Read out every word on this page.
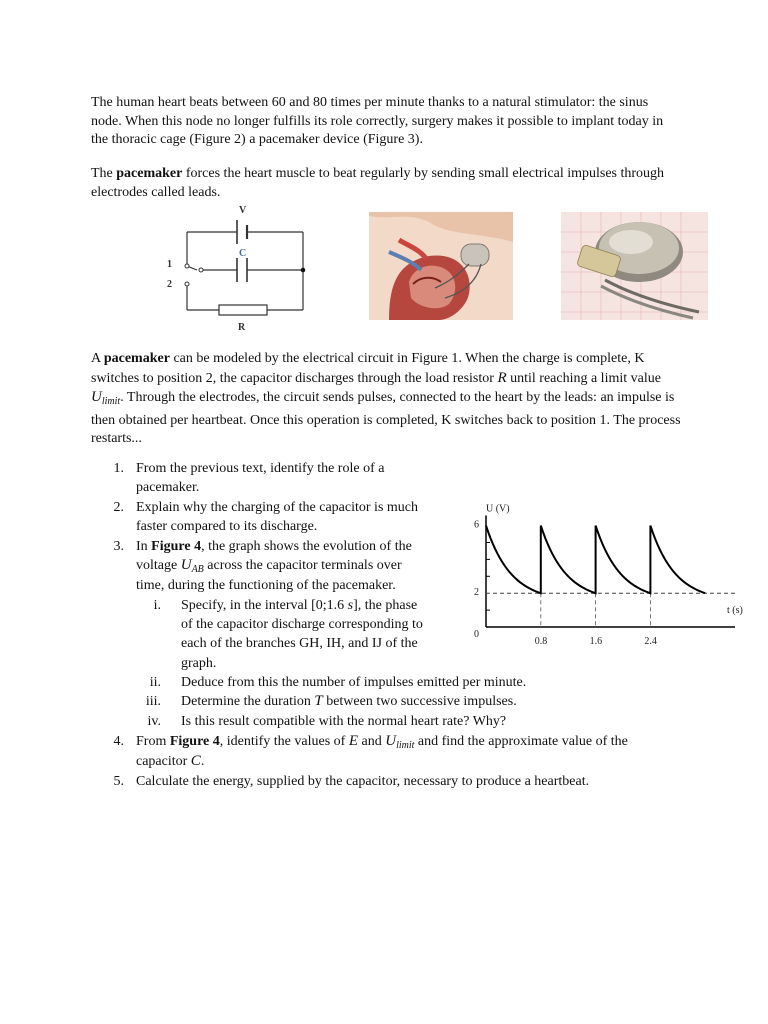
The human heart beats between 60 and 80 times per minute thanks to a natural stimulator: the sinus node. When this node no longer fulfills its role correctly, surgery makes it possible to implant today in the thoracic cage (Figure 2) a pacemaker device (Figure 3).

The pacemaker forces the heart muscle to beat regularly by sending small electrical impulses through electrodes called leads.

V
C
1
2
R

A pacemaker can be modeled by the electrical circuit in Figure 1. When the charge is complete, K switches to position 2, the capacitor discharges through the load resistor R until reaching a limit value $U_{limit}$. Through the electrodes, the circuit sends pulses, connected to the heart by the leads: an impulse is then obtained per heartbeat. Once this operation is completed, K switches back to position 1. The process restarts...

U (V)
t (s)
0
2
6
0.8	1.6	2.4
1. From the previous text, identify the role of a
pacemaker.
2. Explain why the charging of the capacitor is much
faster compared to its discharge.
3. In Figure 4, the graph shows the evolution of the
voltage $U_{AB}$ across the capacitor terminals over
time, during the functioning of the pacemaker.
i. Specify, in the interval [0;1.6 s], the phase
of the capacitor discharge corresponding to
each of the branches GH, IH, and IJ of the
graph.
ii. Deduce from this the number of impulses emitted per minute.
iii. Determine the duration T between two successive impulses.
iv. Is this result compatible with the normal heart rate? Why?
4. From Figure 4, identify the values of E and $U_{limit}$ and find the approximate value of the
capacitor C.
5. Calculate the energy, supplied by the capacitor, necessary to produce a heartbeat.
